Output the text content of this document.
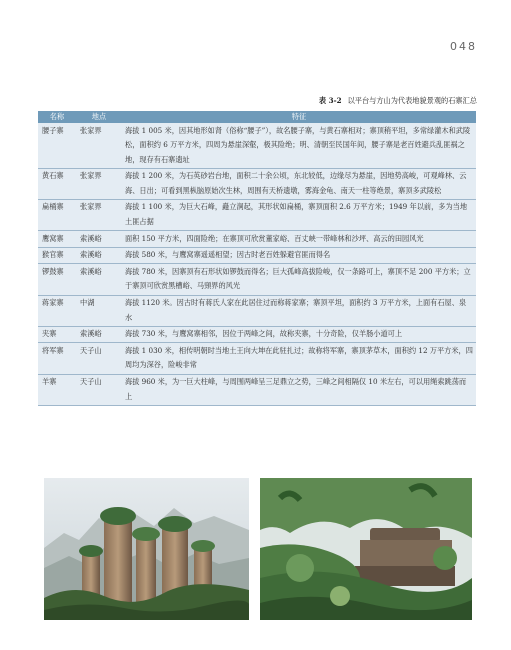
048
表 3-2 以平台与方山为代表地貌景观的石寨汇总
名称	地点	特征
腰子寨	张家界	海拔 1 005 米，因其地形如肾（俗称“腰子”），故名腰子寨，与黄石寨相对；寨顶稍平坦，多常绿灌木和武陵松，面积约 6 万平方米，四周为悬崖深壑，极其险绝；明、清朝至民国年间，腰子寨是老百姓避兵乱匪祸之地，现存有石寨遗址
黄石寨	张家界	海拔 1 200 米，为石英砂岩台地，面积二十余公顷，东北较低，边缘尽为悬崖，因地势高峻，可观峰林、云海、日出；可看到黑枞脑原始次生林，周围有天桥遗墩，雾海金龟、南天一柱等绝景，寨顶多武陵松
扁桶寨	张家界	海拔 1 100 米，为巨大石峰，矗立涧起，其形状如扁桶，寨顶面积 2.6 万平方米；1949 年以前，多为当地土匪占据
鹰窝寨	索溪峪	面积 150 平方米，四面险绝；在寨顶可欣赏董家峪、百丈峡一带峰林和沙坪、高云的田园风光
猴官寨	索溪峪	海拔 580 米，与鹰窝寨遥遥相望；因古时老百姓躲避官匪而得名
锣鼓寨	索溪峪	海拔 780 米，因寨顶有石形状如锣鼓而得名；巨大孤峰高拔险峻，仅一条路可上，寨顶不足 200 平方米；立于寨顶可欣赏黑槽峪、马頸界的风光
蒋家寨	中湖	海拔 1120 米。因古时有蒋氏人家在此居住过而称蒋家寨；寨顶平坦，面积约 3 万平方米，上面有石屋、泉水
夹寨	索溪峪	海拔 730 米，与鹰窝寨相邻，因位于两峰之间，故称夹寨，十分奇险，仅羊肠小道可上
将军寨	天子山	海拔 1 030 米，相传明朝时当地土王向大坤在此驻扎过；故称将军寨，寨顶茅草木，面积约 12 万平方米，四周均为深谷，险峻非常
羊寨	天子山	海拔 960 米，为一巨大柱峰，与周围两峰呈三足鼎立之势，三峰之间相隔仅 10 米左右，可以用绳索跳荡而上
